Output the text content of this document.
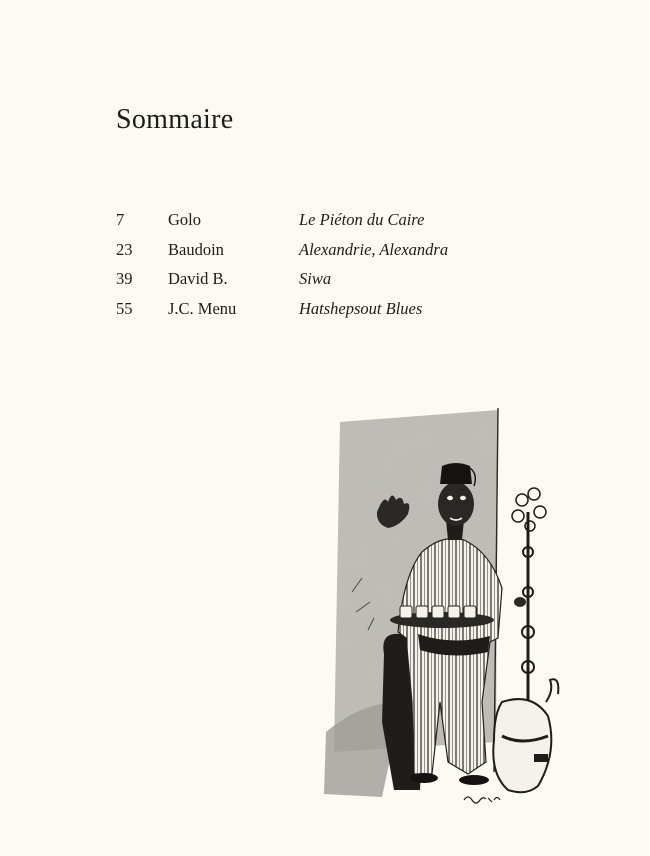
Sommaire
7	Golo	Le Piéton du Caire
23 Baudoin	Alexandrie, Alexandra
39 David B.	Siwa
55 J.C. Menu	Hatshepsout Blues
